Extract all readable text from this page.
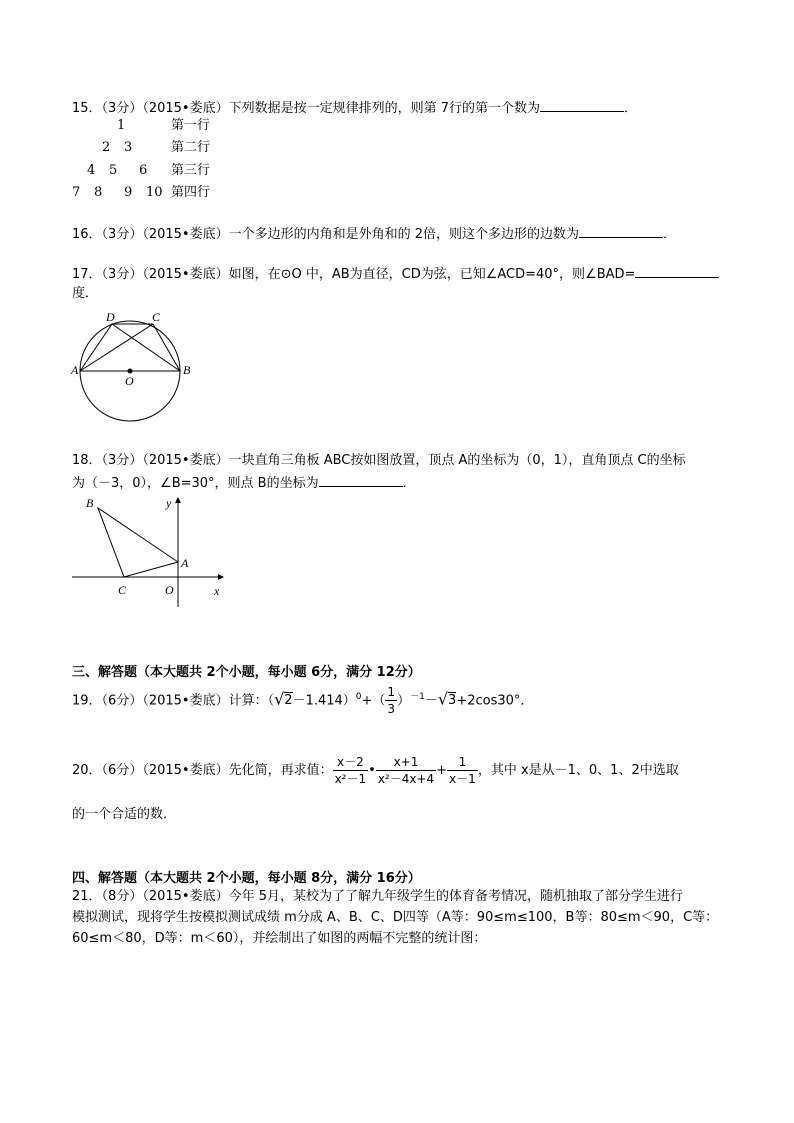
15．（3分）（2015•娄底）下列数据是按一定规律排列的，则第 7行的第一个数为	．
1	第一行
2 3	第二行
4 5 6 第三行
7 8 9 10 第四行
16．（3分）（2015•娄底）一个多边形的内角和是外角和的 2倍，则这个多边形的边数为	．
17．（3分）（2015•娄底）如图，在⊙O 中，AB为直径，CD为弦，已知∠ACD=40°，则∠BAD=
度．
A	B
C
D
O
18．（3分）（2015•娄底）一块直角三角板 ABC按如图放置，顶点 A的坐标为（0，1），直角顶点 C的坐标
为（－3，0），∠B=30°，则点 B的坐标为	．
B
A
C	O	x
y
三、解答题（本大题共 2个小题，每小题 6分，满分 12分）
19．（6分）（2015•娄底）计算：$(√2-1.414)^0+( \frac{1}{3} )^{-1}-√3+2\cos 30^\circ$．
20．（6分）（2015•娄底）先化简，再求值： $\frac{x-2}{\text{x²－1}}$ • $\frac{x+1}{\text{x²－4x+4}} + \frac{1}{x-1}$ ，其中 x是从－1、0、1、2中选取
的一个合适的数．
四、解答题（本大题共 2个小题，每小题 8分，满分 16分）
21．（8分）（2015•娄底）今年 5月，某校为了了解九年级学生的体育备考情况，随机抽取了部分学生进行
模拟测试，现将学生按模拟测试成绩 m分成 A、B、C、D四等（A等：90≤m≤100，B等：80≤m＜90，C等：
60≤m＜80，D等：m＜60），并绘制出了如图的两幅不完整的统计图：
